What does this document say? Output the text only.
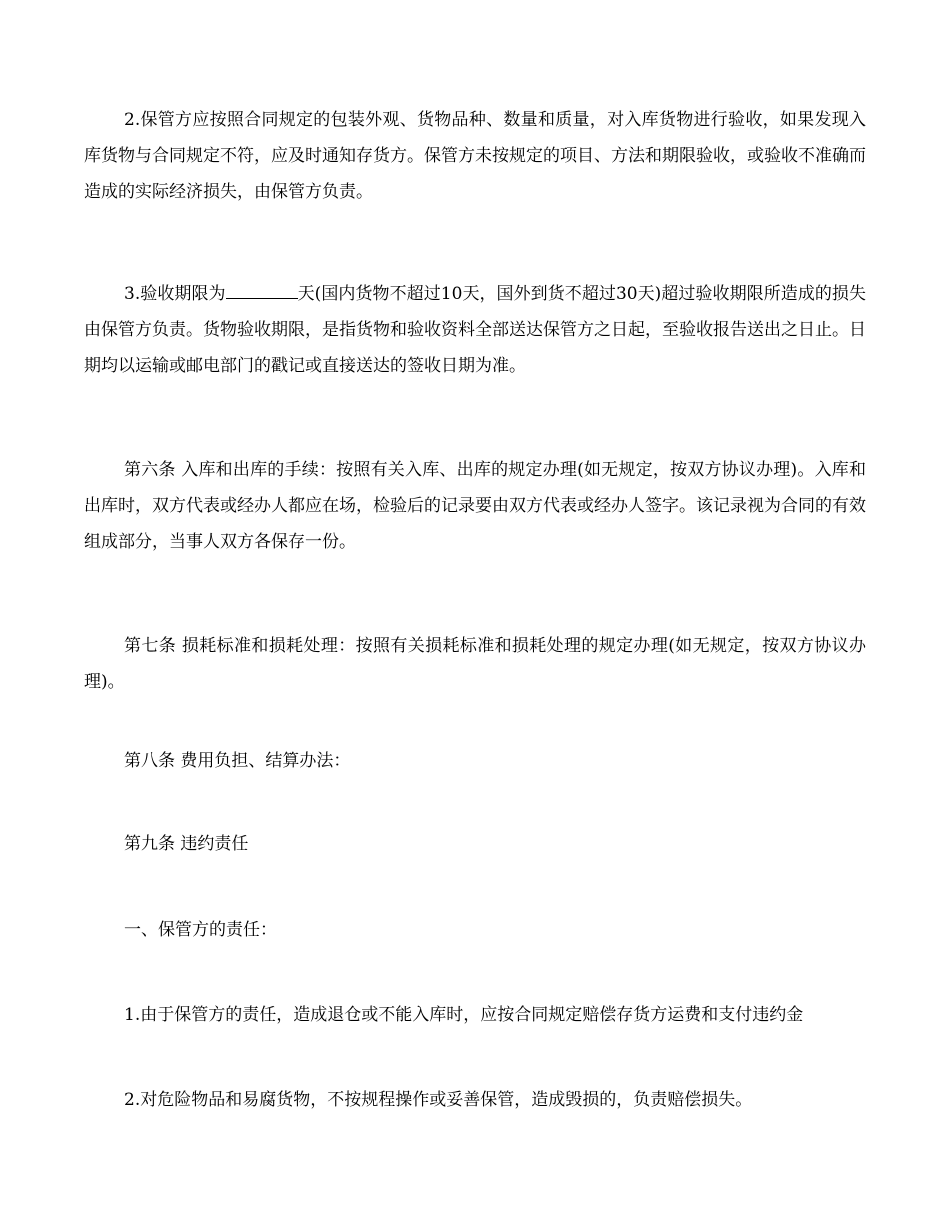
2.保管方应按照合同规定的包装外观、货物品种、数量和质量，对入库货物进行验收，如果发现入库货物与合同规定不符，应及时通知存货方。保管方未按规定的项目、方法和期限验收，或验收不准确而造成的实际经济损失，由保管方负责。

3.验收期限为	天(国内货物不超过10天，国外到货不超过30天)超过验收期限所造成的损失由保管方负责。货物验收期限，是指货物和验收资料全部送达保管方之日起，至验收报告送出之日止。日期均以运输或邮电部门的戳记或直接送达的签收日期为准。

第六条 入库和出库的手续：按照有关入库、出库的规定办理(如无规定，按双方协议办理)。入库和出库时，双方代表或经办人都应在场，检验后的记录要由双方代表或经办人签字。该记录视为合同的有效组成部分，当事人双方各保存一份。

第七条 损耗标准和损耗处理：按照有关损耗标准和损耗处理的规定办理(如无规定，按双方协议办理)。

第八条 费用负担、结算办法：

第九条 违约责任

一、保管方的责任：

1.由于保管方的责任，造成退仓或不能入库时，应按合同规定赔偿存货方运费和支付违约金

2.对危险物品和易腐货物，不按规程操作或妥善保管，造成毁损的，负责赔偿损失。
